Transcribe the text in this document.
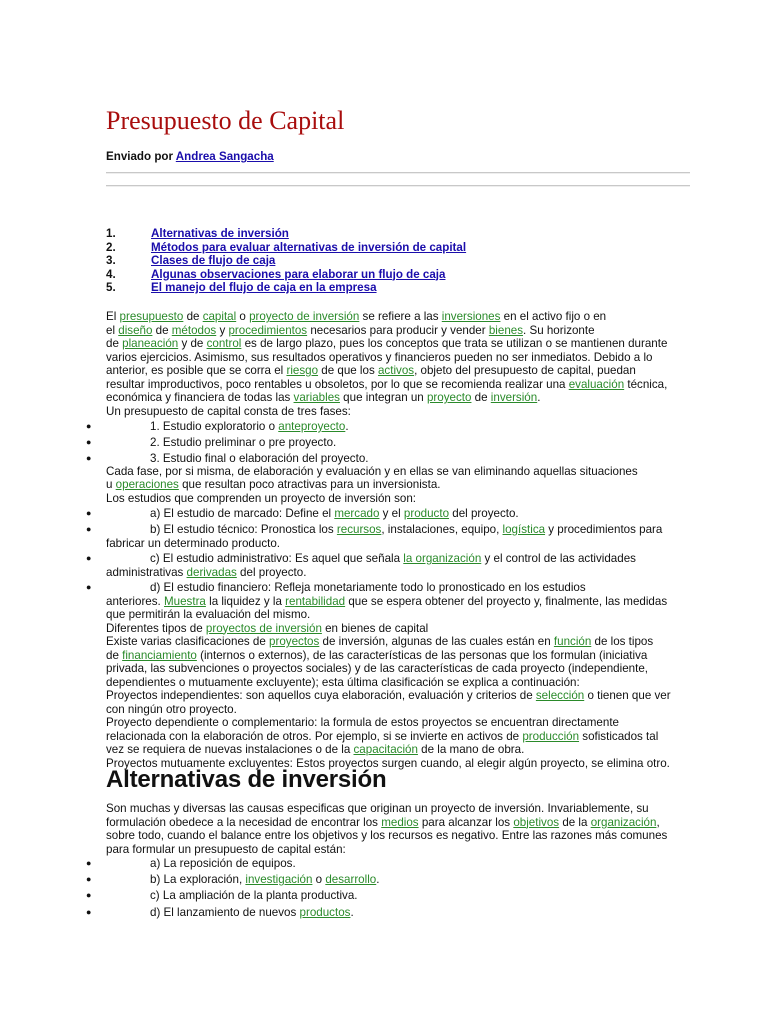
Presupuesto de Capital
Enviado por Andrea Sangacha
1.	Alternativas de inversión
2.	Métodos para evaluar alternativas de inversión de capital
3.	Clases de flujo de caja
4.	Algunas observaciones para elaborar un flujo de caja
5.	El manejo del flujo de caja en la empresa
El presupuesto de capital o proyecto de inversión se refiere a las inversiones en el activo fijo o en
el diseño de métodos y procedimientos necesarios para producir y vender bienes. Su horizonte
de planeación y de control es de largo plazo, pues los conceptos que trata se utilizan o se mantienen durante
varios ejercicios. Asimismo, sus resultados operativos y financieros pueden no ser inmediatos. Debido a lo
anterior, es posible que se corra el riesgo de que los activos, objeto del presupuesto de capital, puedan
resultar improductivos, poco rentables u obsoletos, por lo que se recomienda realizar una evaluación técnica,
económica y financiera de todas las variables que integran un proyecto de inversión.
Un presupuesto de capital consta de tres fases:
1. Estudio exploratorio o anteproyecto.
●
2. Estudio preliminar o pre proyecto.
●
3. Estudio final o elaboración del proyecto.
●
Cada fase, por si misma, de elaboración y evaluación y en ellas se van eliminando aquellas situaciones
u operaciones que resultan poco atractivas para un inversionista.
Los estudios que comprenden un proyecto de inversión son:
a) El estudio de marcado: Define el mercado y el producto del proyecto.
●
b) El estudio técnico: Pronostica los recursos, instalaciones, equipo, logística y procedimientos para
●
fabricar un determinado producto.
c) El estudio administrativo: Es aquel que señala la organización y el control de las actividades
●
administrativas derivadas del proyecto.
d) El estudio financiero: Refleja monetariamente todo lo pronosticado en los estudios
●
anteriores. Muestra la liquidez y la rentabilidad que se espera obtener del proyecto y, finalmente, las medidas
que permitirán la evaluación del mismo.
Diferentes tipos de proyectos de inversión en bienes de capital
Existe varias clasificaciones de proyectos de inversión, algunas de las cuales están en función de los tipos
de financiamiento (internos o externos), de las características de las personas que los formulan (iniciativa
privada, las subvenciones o proyectos sociales) y de las características de cada proyecto (independiente,
dependientes o mutuamente excluyente); esta última clasificación se explica a continuación:
Proyectos independientes: son aquellos cuya elaboración, evaluación y criterios de selección o tienen que ver
con ningún otro proyecto.
Proyecto dependiente o complementario: la formula de estos proyectos se encuentran directamente
relacionada con la elaboración de otros. Por ejemplo, si se invierte en activos de producción sofisticados tal
vez se requiera de nuevas instalaciones o de la capacitación de la mano de obra.
Proyectos mutuamente excluyentes: Estos proyectos surgen cuando, al elegir algún proyecto, se elimina otro.
Son muchas y diversas las causas especificas que originan un proyecto de inversión. Invariablemente, su
formulación obedece a la necesidad de encontrar los medios para alcanzar los objetivos de la organización,
sobre todo, cuando el balance entre los objetivos y los recursos es negativo. Entre las razones más comunes
para formular un presupuesto de capital están:
a) La reposición de equipos.
●
b) La exploración, investigación o desarrollo.
●
c) La ampliación de la planta productiva.
●
d) El lanzamiento de nuevos productos.
●
Alternativas de inversión
